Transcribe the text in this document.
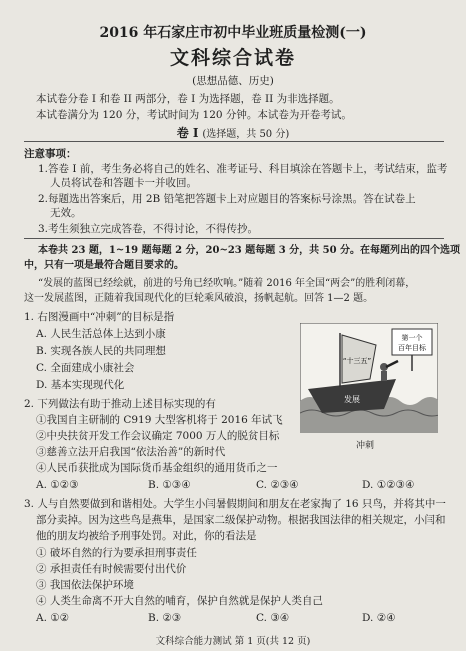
2016 年石家庄市初中毕业班质量检测(一)
文科综合试卷
(思想品德、历史)
本试卷分卷 I 和卷 II 两部分，卷 I 为选择题，卷 II 为非选择题。
本试卷满分为 120 分，考试时间为 120 分钟。本试卷为开卷考试。
卷 I (选择题，共 50 分)
注意事项：
1.答卷 I 前，考生务必将自己的姓名、准考证号、科目填涂在答题卡上，考试结束，监考
人员将试卷和答题卡一并收回。
2.每题选出答案后，用 2B 铅笔把答题卡上对应题目的答案标号涂黑。答在试卷上
无效。
3.考生须独立完成答卷，不得讨论，不得传抄。
本卷共 23 题，1~19 题每题 2 分，20~23 题每题 3 分，共 50 分。在每题列出的四个选项
中，只有一项是最符合题目要求的。
“发展的蓝图已经绘就，前进的号角已经吹响。”随着 2016 年全国“两会”的胜利闭幕，
这一发展蓝图，正随着我国现代化的巨轮乘风破浪，扬帆起航。回答 1—2 题。
1. 右图漫画中“冲刺”的目标是指
A. 人民生活总体上达到小康
B. 实现各族人民的共同理想
C. 全面建成小康社会
D. 基本实现现代化
第一个
百年目标
发展
“十三五”
冲刺
2. 下列做法有助于推动上述目标实现的有
①我国自主研制的 C919 大型客机将于 2016 年试飞
②中央扶贫开发工作会议确定 7000 万人的脱贫目标
③慈善立法开启我国“依法治善”的新时代
④人民币获批成为国际货币基金组织的通用货币之一
A. ①②③	B. ①③④	C. ②③④	D. ①②③④
3. 人与自然要做到和谐相处。大学生小闫暑假期间和朋友在老家掏了 16 只鸟，并将其中一
部分卖掉。因为这些鸟是燕隼，是国家二级保护动物。根据我国法律的相关规定，小闫和
他的朋友均被给予刑事处罚。对此，你的看法是
① 破坏自然的行为要承担刑事责任
② 承担责任有时候需要付出代价
③ 我国依法保护环境
④ 人类生命离不开大自然的哺育，保护自然就是保护人类自己
A. ①②	B. ②③	C. ③④	D. ②④
文科综合能力测试 第 1 页(共 12 页)
